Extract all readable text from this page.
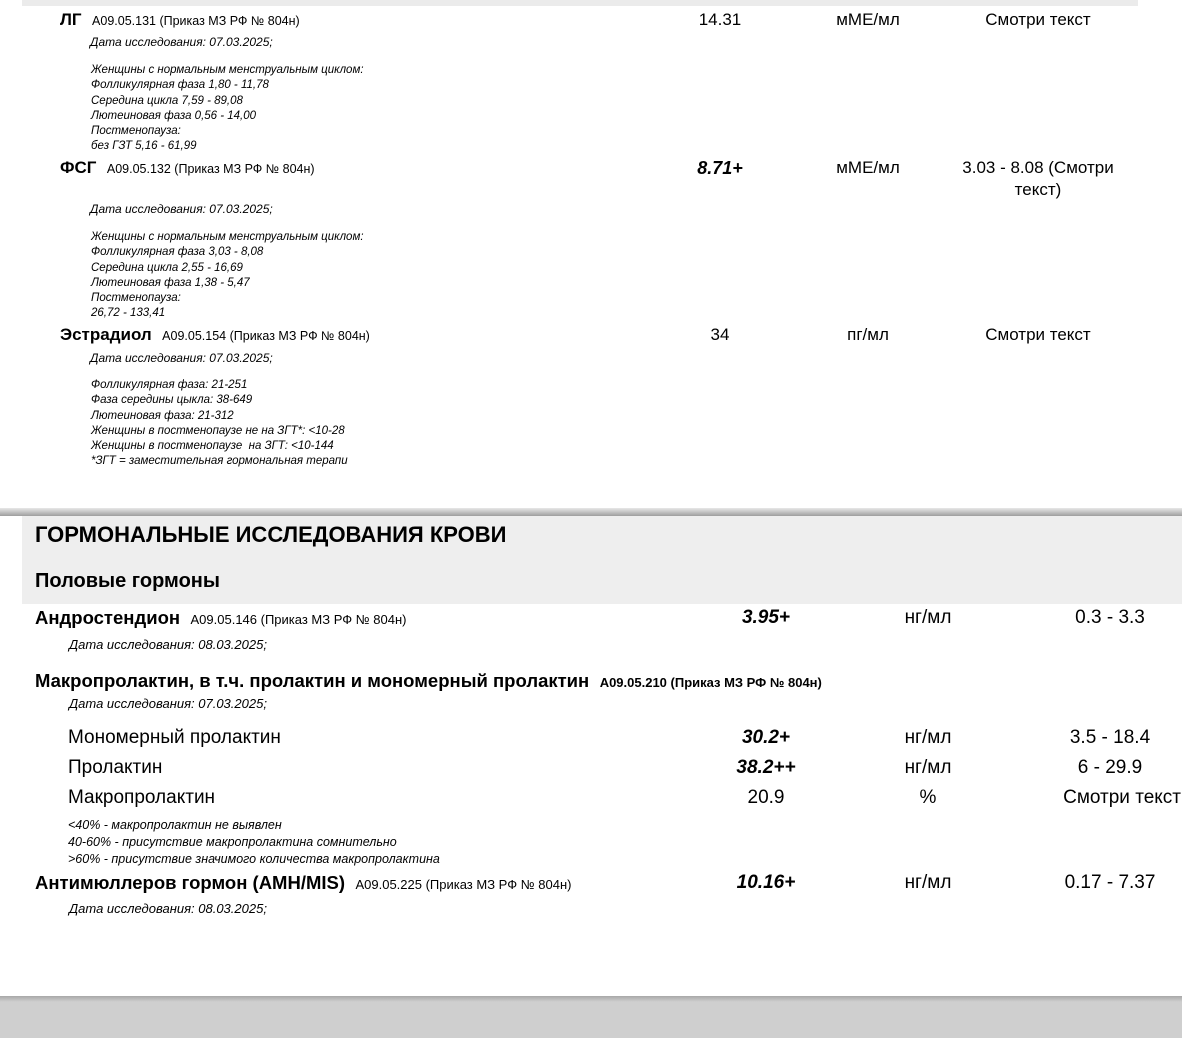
ЛГ A09.05.131 (Приказ МЗ РФ № 804н)	14.31	мМЕ/мл	Смотри текст
Дата исследования: 07.03.2025;
Женщины с нормальным менструальным циклом:
Фолликулярная фаза 1,80 - 11,78
Середина цикла 7,59 - 89,08
Лютеиновая фаза 0,56 - 14,00
Постменопауза:
без ГЗТ 5,16 - 61,99
ФСГ A09.05.132 (Приказ МЗ РФ № 804н)	8.71+	мМЕ/мл	3.03 - 8.08 (Смотри
текст)
Дата исследования: 07.03.2025;
Женщины с нормальным менструальным циклом:
Фолликулярная фаза 3,03 - 8,08
Середина цикла 2,55 - 16,69
Лютеиновая фаза 1,38 - 5,47
Постменопауза:
26,72 - 133,41
Эстрадиол A09.05.154 (Приказ МЗ РФ № 804н)	34	пг/мл	Смотри текст
Дата исследования: 07.03.2025;
Фолликулярная фаза: 21-251
Фаза середины цыкла: 38-649
Лютеиновая фаза: 21-312
Женщины в постменопаузе не на ЗГТ*: <10-28
Женщины в постменопаузе  на ЗГТ: <10-144
*ЗГТ = заместительная гормональная терапи
ГОРМОНАЛЬНЫЕ ИССЛЕДОВАНИЯ КРОВИ
Половые гормоны
Андростендион A09.05.146 (Приказ МЗ РФ № 804н)	3.95+	нг/мл	0.3 - 3.3
Дата исследования: 08.03.2025;
Макропролактин, в т.ч. пролактин и мономерный пролактин A09.05.210 (Приказ МЗ РФ № 804н)
Дата исследования: 07.03.2025;
Мономерный пролактин	30.2+	нг/мл	3.5 - 18.4
Пролактин	38.2++	нг/мл	6 - 29.9
Макропролактин	20.9	%	Смотри текст
<40% - макропролактин не выявлен
40-60% - присутствие макропролактина сомнительно
>60% - присутствие значимого количества макропролактина
Антимюллеров гормон (АМН/MIS) A09.05.225 (Приказ МЗ РФ № 804н)	10.16+	нг/мл	0.17 - 7.37
Дата исследования: 08.03.2025;
